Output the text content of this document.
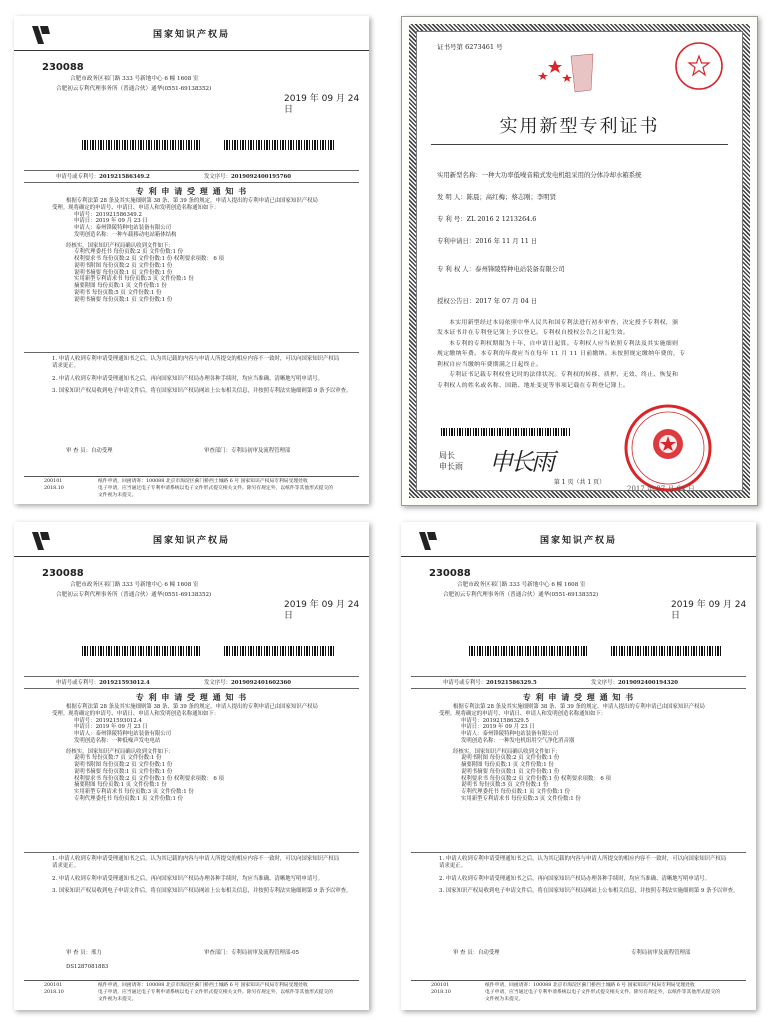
国家知识产权局
230088
合肥市政务区祁门路 333 号新地中心 6 幢 1608 室
合肥初云专利代理事务所（普通合伙）通华(0551-69138352)
2019 年 09 月 24 日
申请号或专利号：201921586349.2	发文序号：2019092400195760
专 利 申 请 受 理 通 知 书
根据专利法第 28 条及其实施细则第 38 条、第 39 条的规定，申请人提出的专利申请已由国家知识产权局
受理。现将确定的申请号、申请日、申请人和发明创造名称通知如下：
申请号：201921586349.2
申请日：2019 年 09 月 23 日
申请人：泰州锋陵特种电站装备有限公司
发明创造名称：一种车载移动电站箱体结构
经核实，国家知识产权局确认收到文件如下：
专利代理委托书 每份页数:2 页 文件份数:1 份
权利要求书 每份页数:2 页 文件份数:1 份 权利要求项数： 6 项
说明书附图 每份页数:2 页 文件份数:1 份
说明书摘要 每份页数:1 页 文件份数:1 份
实用新型专利请求书 每份页数:3 页 文件份数:1 份
摘要附图 每份页数:1 页 文件份数:1 份
说明书 每份页数:5 页 文件份数:1 份
说明书摘要 每份页数:1 页 文件份数:1 份
1. 申请人收到专利申请受理通知书之后，认为其记载的内容与申请人所提交的相应内容不一致时，可以向国家知识产权局
请求更正。
2. 申请人收到专利申请受理通知书之后，再向国家知识产权局办理各种手续时，均应当准确、清晰地写明申请号。
3. 国家知识产权局收到电子申请文件后，将在国家知识产权局网站上公布相关信息，并按照专利法实施细则第 9 条予以审查。
审 查 员：自动受理	审查部门：专利局初审及流程管理部
200101
2018.10
纸件申请，回函请寄：100088 北京市海淀区蓟门桥西土城路 6 号 国家知识产权局专利局受理处收
电子申请，应当通过电子专利申请系统以电子文件形式提交相关文件。除另有规定外，以纸件等其他形式提交的
文件视为未提交。
证书号第 6273461 号
实用新型专利证书
实用新型名称：一种大功率低噪音箱式发电机组采用的分体冷却水箱系统
发 明 人：陈晨；高红梅；蔡志刚；李明贤
专 利 号：ZL 2016 2 1213264.6
专利申请日：2016 年 11 月 11 日
专 利 权 人：泰州锋陵特种电站装备有限公司
授权公告日：2017 年 07 月 04 日
本实用新型经过本局依照中华人民共和国专利法进行初步审查，决定授予专利权，颁
发本证书并在专利登记簿上予以登记。专利权自授权公告之日起生效。
本专利的专利权期限为十年，自申请日起算。专利权人应当依照专利法及其实施细则
规定缴纳年费。本专利的年费应当在每年 11 月 11 日前缴纳。未按照规定缴纳年费的，专
利权自应当缴纳年费期满之日起终止。
专利证书记载专利权登记时的法律状况。专利权的转移、质押、无效、终止、恢复和
专利权人的姓名或名称、国籍、地址变更等事项记载在专利登记簿上。
局长
申长雨 申长雨
2017 年 07 月 04 日
第 1 页（共 1 页）
国家知识产权局
230088
合肥市政务区祁门路 333 号新地中心 6 幢 1608 室
合肥初云专利代理事务所（普通合伙）通华(0551-69138352)
2019 年 09 月 24 日
申请号或专利号：201921593012.4	发文序号：2019092401602360
专 利 申 请 受 理 通 知 书
根据专利法第 28 条及其实施细则第 38 条、第 39 条的规定，申请人提出的专利申请已由国家知识产权局
受理。现将确定的申请号、申请日、申请人和发明创造名称通知如下：
申请号：201921593012.4
申请日：2019 年 09 月 23 日
申请人：泰州锋陵特种电站装备有限公司
发明创造名称：一种低噪声发电电站
经核实，国家知识产权局确认收到文件如下：
说明书 每份页数:7 页 文件份数:1 份
说明书附图 每份页数:2 页 文件份数:1 份
说明书摘要 每份页数:1 页 文件份数:1 份
权利要求书 每份页数:2 页 文件份数:1 份 权利要求项数： 6 项
摘要附图 每份页数:1 页 文件份数:1 份
实用新型专利请求书 每份页数:3 页 文件份数:1 份
专利代理委托书 每份页数:1 页 文件份数:1 份
1. 申请人收到专利申请受理通知书之后，认为其记载的内容与申请人所提交的相应内容不一致时，可以向国家知识产权局
请求更正。
2. 申请人收到专利申请受理通知书之后，再向国家知识产权局办理各种手续时，均应当准确、清晰地写明申请号。
3. 国家知识产权局收到电子申请文件后，将在国家知识产权局网站上公布相关信息，并按照专利法实施细则第 9 条予以审查。
审 查 员：邢力	审查部门：专利局初审及流程管理部-05
DS1287081883
200101
2018.10
纸件申请，回函请寄：100088 北京市海淀区蓟门桥西土城路 6 号 国家知识产权局专利局受理处收
电子申请，应当通过电子专利申请系统以电子文件形式提交相关文件。除另有规定外，以纸件等其他形式提交的
文件视为未提交。
国家知识产权局
230088
合肥市政务区祁门路 333 号新地中心 6 幢 1608 室
合肥初云专利代理事务所（普通合伙）通华(0551-69138352)
2019 年 09 月 24 日
申请号或专利号：201921586329.5	发文序号：2019092400194320
专 利 申 请 受 理 通 知 书
根据专利法第 28 条及其实施细则第 38 条、第 39 条的规定，申请人提出的专利申请已由国家知识产权局
受理。现将确定的申请号、申请日、申请人和发明创造名称通知如下：
申请号：201921586329.5
申请日：2019 年 09 月 23 日
申请人：泰州锋陵特种电站装备有限公司
发明创造名称：一种发电机组用空气净化消音器
经核实，国家知识产权局确认收到文件如下：
说明书附图 每份页数:2 页 文件份数:1 份
摘要附图 每份页数:1 页 文件份数:1 份
说明书摘要 每份页数:1 页 文件份数:1 份
权利要求书 每份页数:2 页 文件份数:1 份 权利要求项数： 6 项
说明书 每份页数:5 页 文件份数:1 份
专利代理委托书 每份页数:1 页 文件份数:1 份
实用新型专利请求书 每份页数:3 页 文件份数:1 份
1. 申请人收到专利申请受理通知书之后，认为其记载的内容与申请人所提交的相应内容不一致时，可以向国家知识产权局
请求更正。
2. 申请人收到专利申请受理通知书之后，再向国家知识产权局办理各种手续时，均应当准确、清晰地写明申请号。
3. 国家知识产权局收到电子申请文件后，将在国家知识产权局网站上公布相关信息，并按照专利法实施细则第 9 条予以审查。
审 查 员：自动受理	专利局初审及流程管理部
200101
2018.10
纸件申请，回函请寄：100088 北京市海淀区蓟门桥西土城路 6 号 国家知识产权局专利局受理处收
电子申请，应当通过电子专利申请系统以电子文件形式提交相关文件。除另有规定外，以纸件等其他形式提交的
文件视为未提交。
